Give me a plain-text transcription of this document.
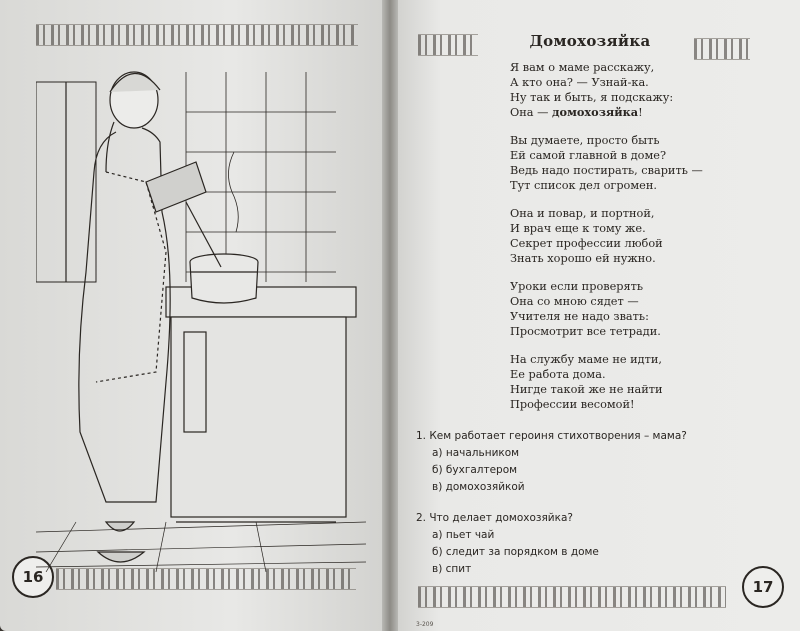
16
17
Домохозяйка
Я вам о маме расскажу,
А кто она? — Узнай-ка.
Ну так и быть, я подскажу:
Она — домохозяйка!
Вы думаете, просто быть
Ей самой главной в доме?
Ведь надо постирать, сварить —
Тут список дел огромен.
Она и повар, и портной,
И врач еще к тому же.
Секрет профессии любой
Знать хорошо ей нужно.
Уроки если проверять
Она со мною сядет —
Учителя не надо звать:
Просмотрит все тетради.
На службу маме не идти,
Ее работа дома.
Нигде такой же не найти
Профессии весомой!
1. Кем работает героиня стихотворения – мама?
а) начальником
б) бухгалтером
в) домохозяйкой
2. Что делает домохозяйка?
а) пьет чай
б) следит за порядком в доме
в) спит
3-209
